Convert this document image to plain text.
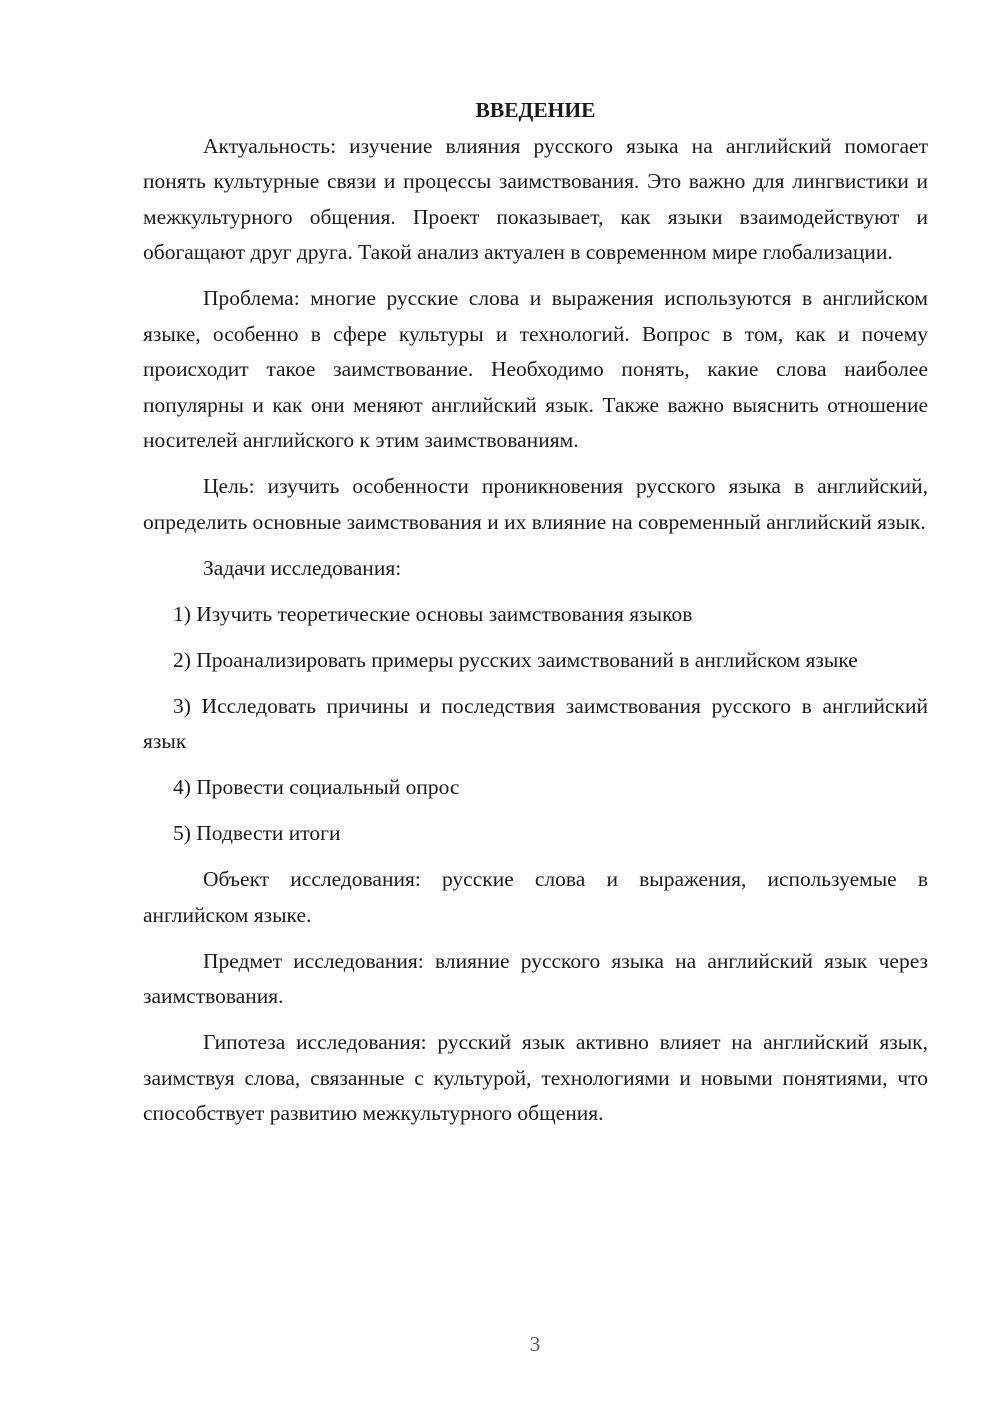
ВВЕДЕНИЕ

Актуальность: изучение влияния русского языка на английский помогает понять культурные связи и процессы заимствования. Это важно для лингвистики и межкультурного общения. Проект показывает, как языки взаимодействуют и обогащают друг друга. Такой анализ актуален в современном мире глобализации.

Проблема: многие русские слова и выражения используются в английском языке, особенно в сфере культуры и технологий. Вопрос в том, как и почему происходит такое заимствование. Необходимо понять, какие слова наиболее популярны и как они меняют английский язык. Также важно выяснить отношение носителей английского к этим заимствованиям.

Цель: изучить особенности проникновения русского языка в английский, определить основные заимствования и их влияние на современный английский язык.

Задачи исследования:

1) Изучить теоретические основы заимствования языков

2) Проанализировать примеры русских заимствований в английском языке

3) Исследовать причины и последствия заимствования русского в английский язык

4) Провести социальный опрос

5) Подвести итоги

Объект исследования: русские слова и выражения, используемые в английском языке.

Предмет исследования: влияние русского языка на английский язык через заимствования.

Гипотеза исследования: русский язык активно влияет на английский язык, заимствуя слова, связанные с культурой, технологиями и новыми понятиями, что способствует развитию межкультурного общения.

3
